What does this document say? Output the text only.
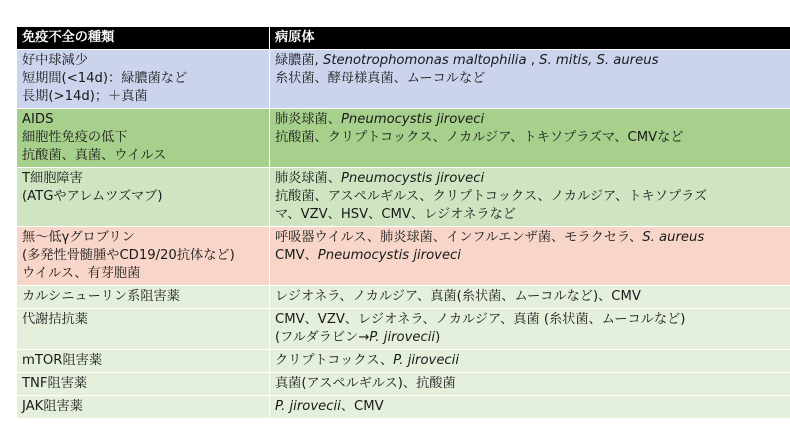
免疫不全の種類	病原体

好中球減少
短期間(<14d)：緑膿菌など
長期(>14d)；＋真菌	緑膿菌, Stenotrophomonas maltophilia , S. mitis, S. aureus
糸状菌、酵母様真菌、ムーコルなど

AIDS
細胞性免疫の低下
抗酸菌、真菌、ウイルス	肺炎球菌、Pneumocystis jiroveci
抗酸菌、クリプトコックス、ノカルジア、トキソプラズマ、CMVなど

T細胞障害
(ATGやアレムツズマブ)	肺炎球菌、Pneumocystis jiroveci
抗酸菌、アスペルギルス、クリプトコックス、ノカルジア、トキソプラズ
マ、VZV、HSV、CMV、レジオネラなど

無〜低γグロブリン
(多発性骨髄腫やCD19/20抗体など)
ウイルス、有芽胞菌	呼吸器ウイルス、肺炎球菌、インフルエンザ菌、モラクセラ、S. aureus
CMV、Pneumocystis jiroveci

カルシニューリン系阻害薬	レジオネラ、ノカルジア、真菌(糸状菌、ムーコルなど)、CMV

代謝拮抗薬	CMV、VZV、レジオネラ、ノカルジア、真菌 (糸状菌、ムーコルなど)
(フルダラビン→P. jirovecii)

mTOR阻害薬	クリプトコックス、P. jirovecii

TNF阻害薬	真菌(アスペルギルス)、抗酸菌

JAK阻害薬	P. jirovecii、CMV
